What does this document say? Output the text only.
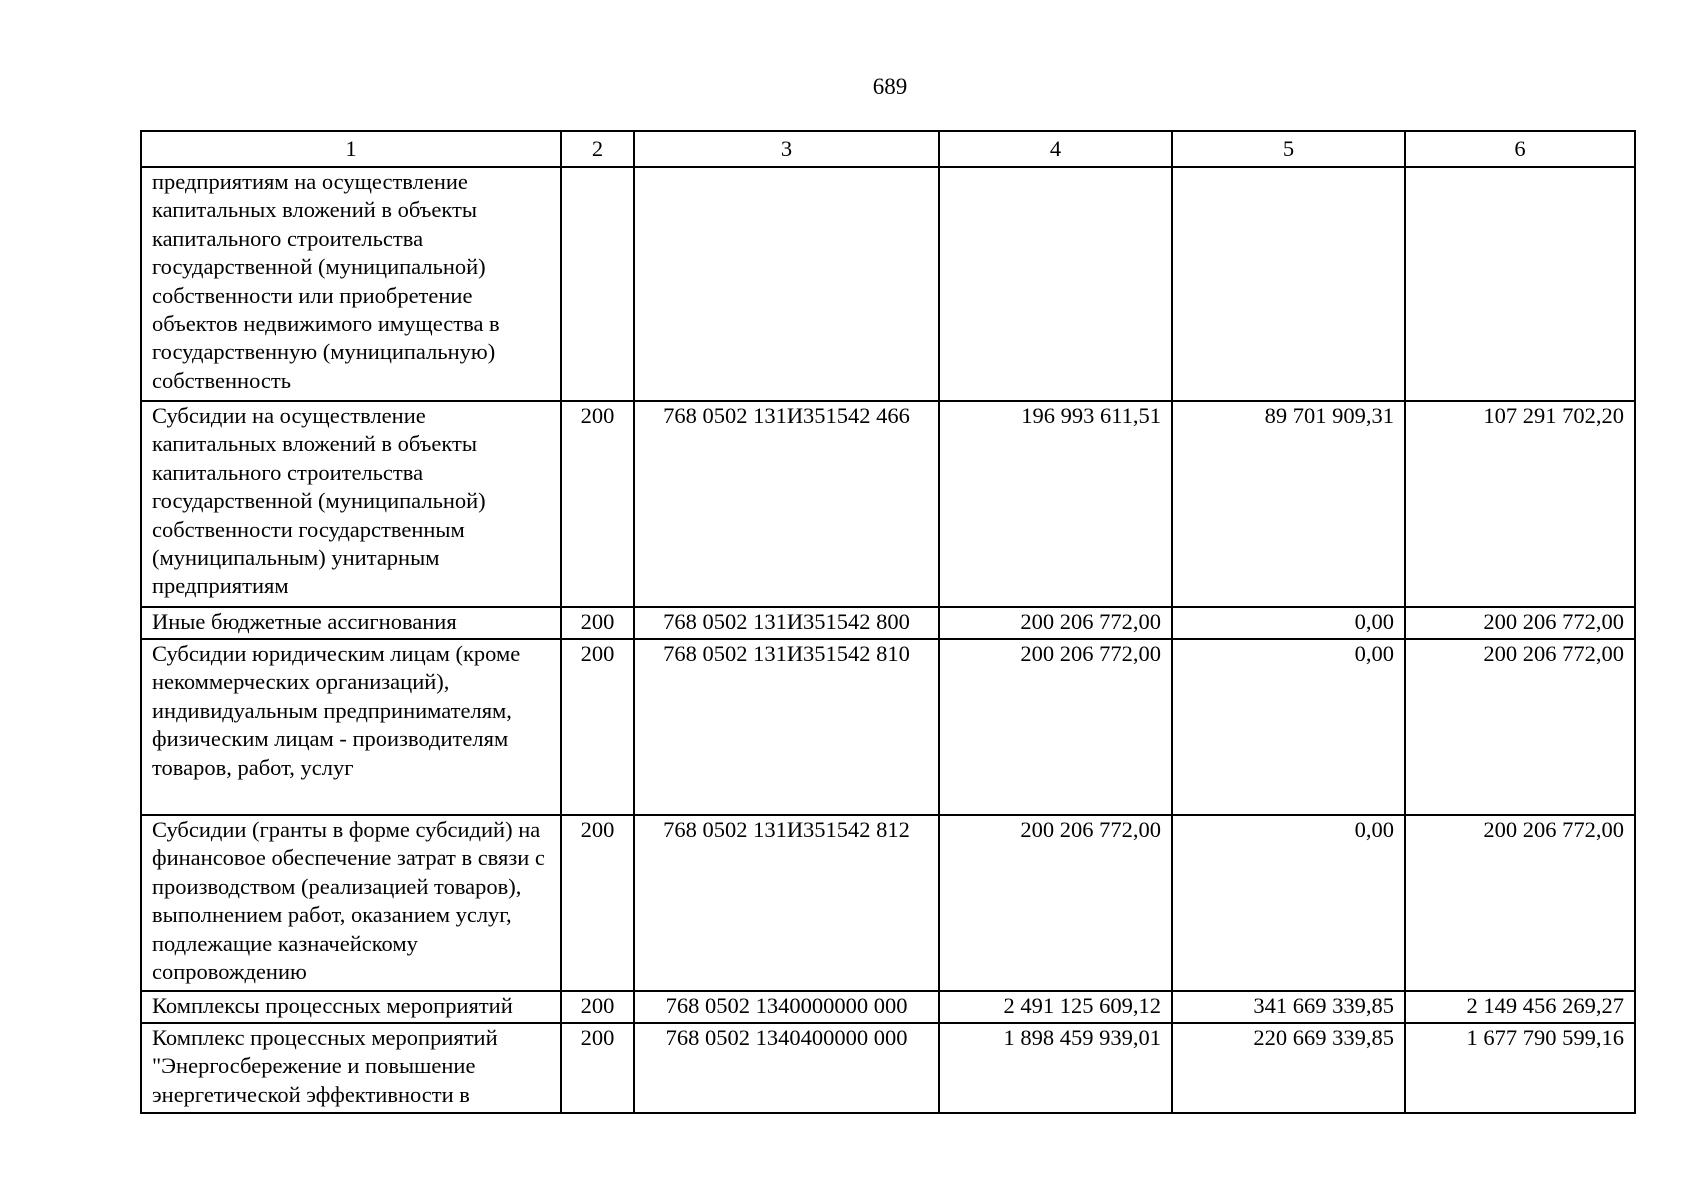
689
1	2	3	4	5	6
предприятиям на осуществление капитальных вложений в объекты капитального строительства государственной (муниципальной) собственности или приобретение объектов недвижимого имущества в государственную (муниципальную) собственность					
Субсидии на осуществление капитальных вложений в объекты капитального строительства государственной (муниципальной) собственности государственным (муниципальным) унитарным предприятиям	200	768 0502 131И351542 466	196 993 611,51	89 701 909,31	107 291 702,20
Иные бюджетные ассигнования	200	768 0502 131И351542 800	200 206 772,00	0,00	200 206 772,00
Субсидии юридическим лицам (кроме некоммерческих организаций), индивидуальным предпринимателям, физическим лицам - производителям товаров, работ, услуг	200	768 0502 131И351542 810	200 206 772,00	0,00	200 206 772,00
Субсидии (гранты в форме субсидий) на финансовое обеспечение затрат в связи с производством (реализацией товаров), выполнением работ, оказанием услуг, подлежащие казначейскому сопровождению	200	768 0502 131И351542 812	200 206 772,00	0,00	200 206 772,00
Комплексы процессных мероприятий	200	768 0502 1340000000 000	2 491 125 609,12	341 669 339,85	2 149 456 269,27
Комплекс процессных мероприятий "Энергосбережение и повышение энергетической эффективности в	200	768 0502 1340400000 000	1 898 459 939,01	220 669 339,85	1 677 790 599,16
